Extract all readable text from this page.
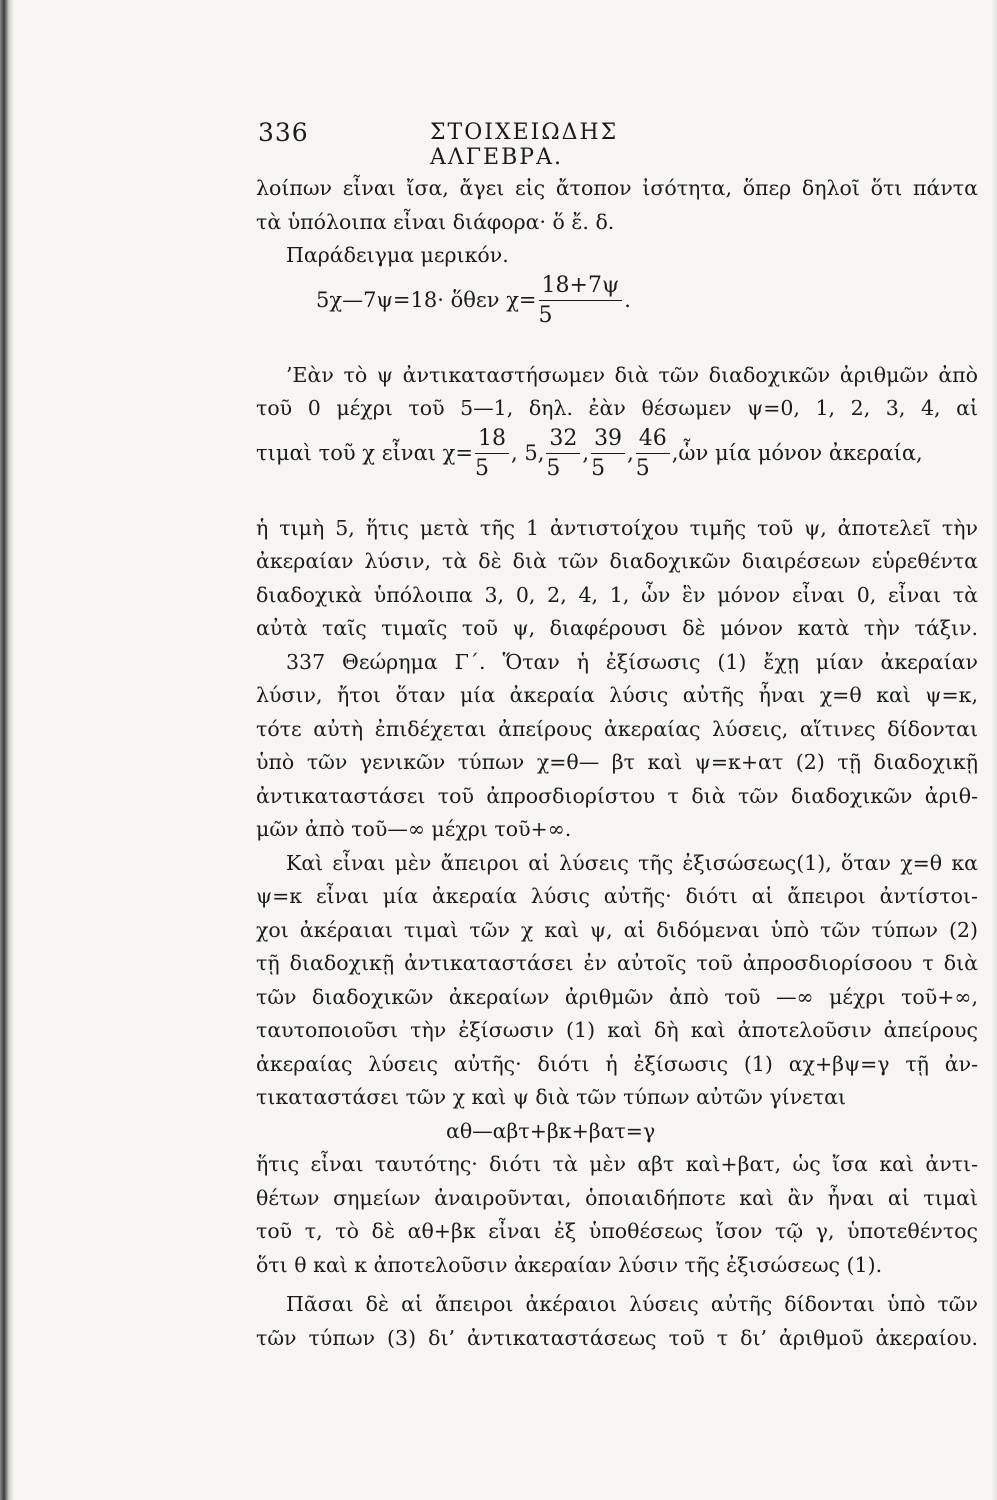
336	ΣΤΟΙΧΕΙΩΔΗΣ ΑΛΓΕΒΡΑ.
λοίπων εἶναι ἴσα, ἄγει εἰς ἄτοπον ἰσότητα, ὅπερ δηλοῖ ὅτι πάντα
τὰ ὑπόλοιπα εἶναι διάφορα· ὅ ἔ. δ.
Παράδειγμα μερικόν.
5χ—7ψ=18· ὅθεν $\chi= \frac{18+7\psi}{5}$ .
’Εὰν τὸ ψ ἀντικαταστήσωμεν διὰ τῶν διαδοχικῶν ἀριθμῶν ἀπὸ
τοῦ 0 μέχρι τοῦ 5—1, δηλ. ἐὰν θέσωμεν ψ=0, 1, 2, 3, 4, αἱ
τιμαὶ τοῦ χ εἶναι $\chi= \frac{18}{5}$ , 5, $\frac{32}{5}$ , $\frac{39}{5}$ , $\frac{46}{5}$ ,ὧν μία μόνον ἀκεραία,
ἡ τιμὴ 5, ἥτις μετὰ τῆς 1 ἀντιστοίχου τιμῆς τοῦ ψ, ἀποτελεῖ τὴν
ἀκεραίαν λύσιν, τὰ δὲ διὰ τῶν διαδοχικῶν διαιρέσεων εὑρεθέντα
διαδοχικὰ ὑπόλοιπα 3, 0, 2, 4, 1, ὧν ἓν μόνον εἶναι 0, εἶναι τὰ
αὐτὰ ταῖς τιμαῖς τοῦ ψ, διαφέρουσι δὲ μόνον κατὰ τὴν τάξιν.
337 Θεώρημα Γ΄. Ὅταν ἡ ἐξίσωσις (1) ἔχῃ μίαν ἀκεραίαν
λύσιν, ἤτοι ὅταν μία ἀκεραία λύσις αὐτῆς ἦναι χ=θ καὶ ψ=κ,
τότε αὐτὴ ἐπιδέχεται ἀπείρους ἀκεραίας λύσεις, αἵτινες δίδονται
ὑπὸ τῶν γενικῶν τύπων χ=θ— βτ καὶ ψ=κ+ατ (2) τῇ διαδοχικῇ
ἀντικαταστάσει τοῦ ἀπροσδιορίστου τ διὰ τῶν διαδοχικῶν ἀριθ-
μῶν ἀπὸ τοῦ—∞ μέχρι τοῦ+∞.
Καὶ εἶναι μὲν ἄπειροι αἱ λύσεις τῆς ἐξισώσεως(1), ὅταν χ=θ κα
ψ=κ εἶναι μία ἀκεραία λύσις αὐτῆς· διότι αἱ ἄπειροι ἀντίστοι-
χοι ἀκέραιαι τιμαὶ τῶν χ καὶ ψ, αἱ διδόμεναι ὑπὸ τῶν τύπων (2)
τῇ διαδοχικῇ ἀντικαταστάσει ἐν αὐτοῖς τοῦ ἀπροσδιορίσοου τ διὰ
τῶν διαδοχικῶν ἀκεραίων ἀριθμῶν ἀπὸ τοῦ —∞ μέχρι τοῦ+∞,
ταυτοποιοῦσι τὴν ἐξίσωσιν (1) καὶ δὴ καὶ ἀποτελοῦσιν ἀπείρους
ἀκεραίας λύσεις αὐτῆς· διότι ἡ ἐξίσωσις (1) αχ+βψ=γ τῇ ἀν-
τικαταστάσει τῶν χ καὶ ψ διὰ τῶν τύπων αὐτῶν γίνεται
αθ—αβτ+βκ+βατ=γ
ἥτις εἶναι ταυτότης· διότι τὰ μὲν αβτ καὶ+βατ, ὡς ἴσα καὶ ἀντι-
θέτων σημείων ἀναιροῦνται, ὁποιαιδήποτε καὶ ἂν ἦναι αἱ τιμαὶ
τοῦ τ, τὸ δὲ αθ+βκ εἶναι ἐξ ὑποθέσεως ἴσον τῷ γ, ὑποτεθέντος
ὅτι θ καὶ κ ἀποτελοῦσιν ἀκεραίαν λύσιν τῆς ἐξισώσεως (1).
Πᾶσαι δὲ αἱ ἄπειροι ἀκέραιοι λύσεις αὐτῆς δίδονται ὑπὸ τῶν
τῶν τύπων (3) δι’ ἀντικαταστάσεως τοῦ τ δι’ ἀριθμοῦ ἀκεραίου.
